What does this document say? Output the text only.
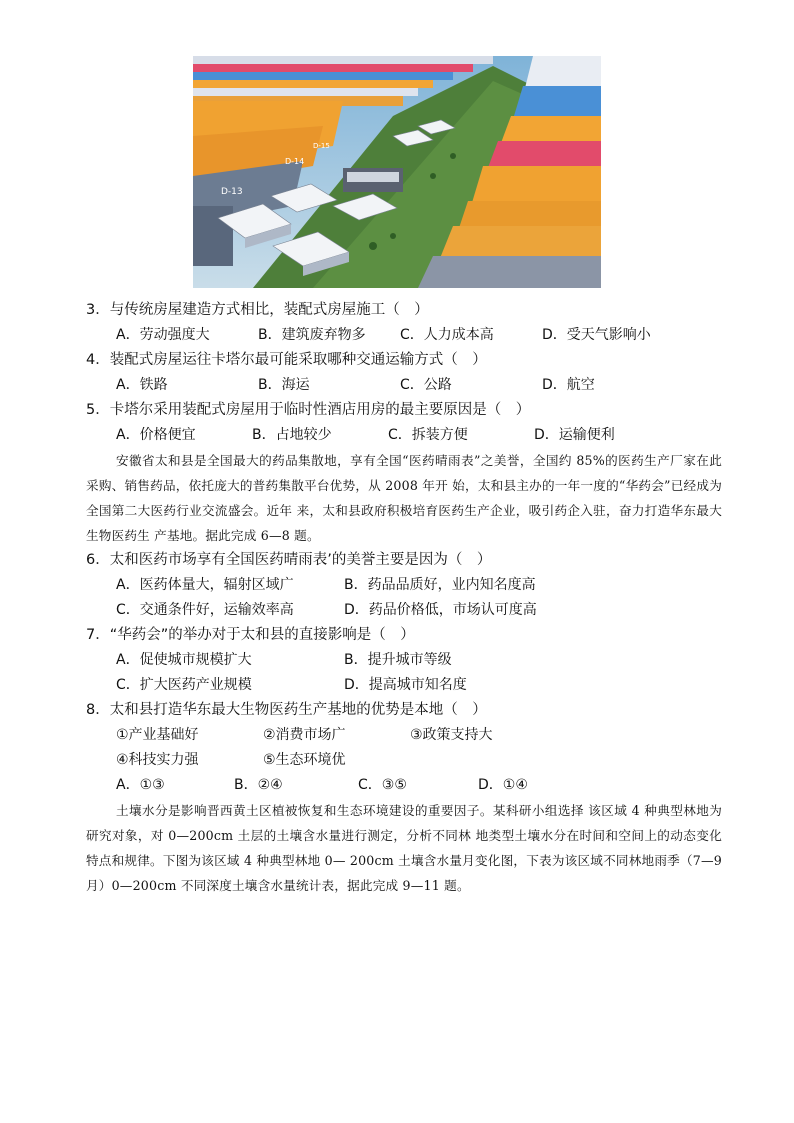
D-13
D-14
D-15
3．与传统房屋建造方式相比，装配式房屋施工（　）
A．劳动强度大	B．建筑废弃物多	C．人力成本高	D．受天气影响小
4．装配式房屋运往卡塔尔最可能采取哪种交通运输方式（　）
A．铁路	B．海运	C．公路	D．航空
5．卡塔尔采用装配式房屋用于临时性酒店用房的最主要原因是（　）
A．价格便宜	B．占地较少	C．拆装方便	D．运输便利

安徽省太和县是全国最大的药品集散地，享有全国“医药晴雨表”之美誉，全国约 85%的医药生产厂家在此采购、销售药品，依托庞大的普药集散平台优势，从 2008 年开 始，太和县主办的一年一度的“华药会”已经成为全国第二大医药行业交流盛会。近年 来，太和县政府积极培育医药生产企业，吸引药企入驻，奋力打造华东最大生物医药生 产基地。据此完成 6—8 题。

6．太和医药市场享有全国医药晴雨表’的美誉主要是因为（　）
A．医药体量大，辐射区域广	B．药品品质好，业内知名度高
C．交通条件好，运输效率高	D．药品价格低，市场认可度高
7．“华药会”的举办对于太和县的直接影响是（　）
A．促使城市规模扩大	B．提升城市等级
C．扩大医药产业规模	D．提高城市知名度
8．太和县打造华东最大生物医药生产基地的优势是本地（　）
①产业基础好	②消费市场广	③政策支持大
④科技实力强	⑤生态环境优
A．①③	B．②④	C．③⑤	D．①④

土壤水分是影响晋西黄土区植被恢复和生态环境建设的重要因子。某科研小组选择 该区域 4 种典型林地为研究对象，对 0—200cm 土层的土壤含水量进行测定，分析不同林 地类型土壤水分在时间和空间上的动态变化特点和规律。下图为该区域 4 种典型林地 0— 200cm 土壤含水量月变化图，下表为该区域不同林地雨季（7—9 月）0—200cm 不同深度土壤含水量统计表，据此完成 9—11 题。
